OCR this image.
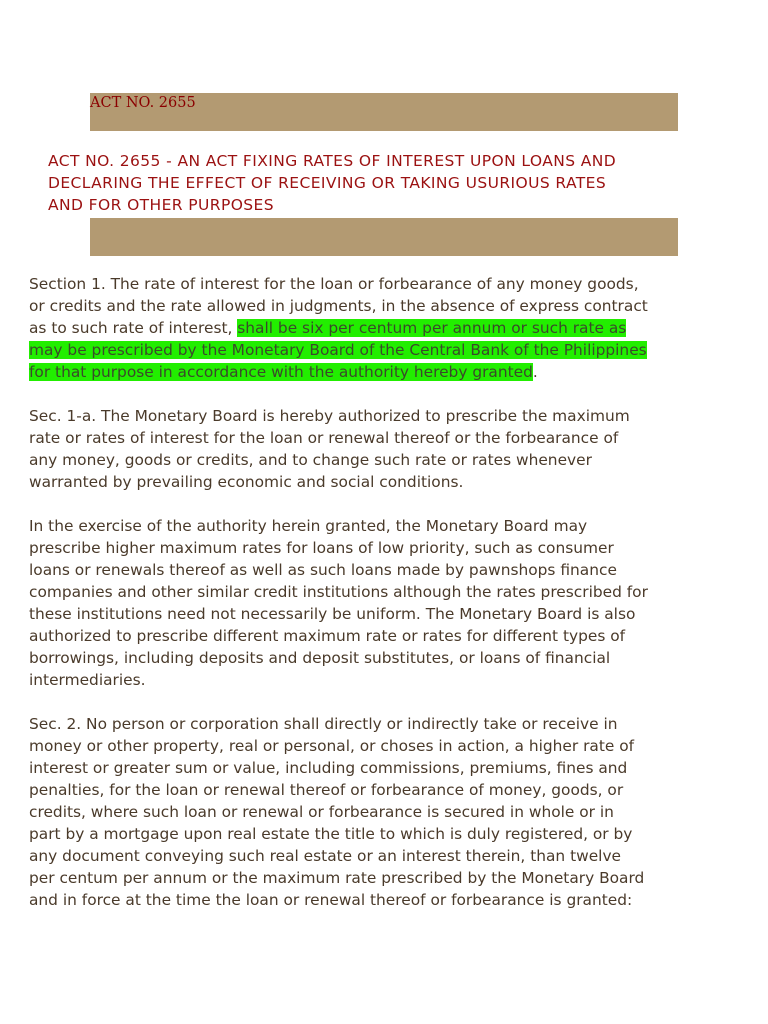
ACT NO. 2655
ACT NO. 2655 - AN ACT FIXING RATES OF INTEREST UPON LOANS AND
DECLARING THE EFFECT OF RECEIVING OR TAKING USURIOUS RATES
AND FOR OTHER PURPOSES

Section 1. The rate of interest for the loan or forbearance of any money goods,
or credits and the rate allowed in judgments, in the absence of express contract
as to such rate of interest, shall be six per centum per annum or such rate as
may be prescribed by the Monetary Board of the Central Bank of the Philippines
for that purpose in accordance with the authority hereby granted.

Sec. 1-a. The Monetary Board is hereby authorized to prescribe the maximum
rate or rates of interest for the loan or renewal thereof or the forbearance of
any money, goods or credits, and to change such rate or rates whenever
warranted by prevailing economic and social conditions.

In the exercise of the authority herein granted, the Monetary Board may
prescribe higher maximum rates for loans of low priority, such as consumer
loans or renewals thereof as well as such loans made by pawnshops finance
companies and other similar credit institutions although the rates prescribed for
these institutions need not necessarily be uniform. The Monetary Board is also
authorized to prescribe different maximum rate or rates for different types of
borrowings, including deposits and deposit substitutes, or loans of financial
intermediaries.

Sec. 2. No person or corporation shall directly or indirectly take or receive in
money or other property, real or personal, or choses in action, a higher rate of
interest or greater sum or value, including commissions, premiums, fines and
penalties, for the loan or renewal thereof or forbearance of money, goods, or
credits, where such loan or renewal or forbearance is secured in whole or in
part by a mortgage upon real estate the title to which is duly registered, or by
any document conveying such real estate or an interest therein, than twelve
per centum per annum or the maximum rate prescribed by the Monetary Board
and in force at the time the loan or renewal thereof or forbearance is granted:
